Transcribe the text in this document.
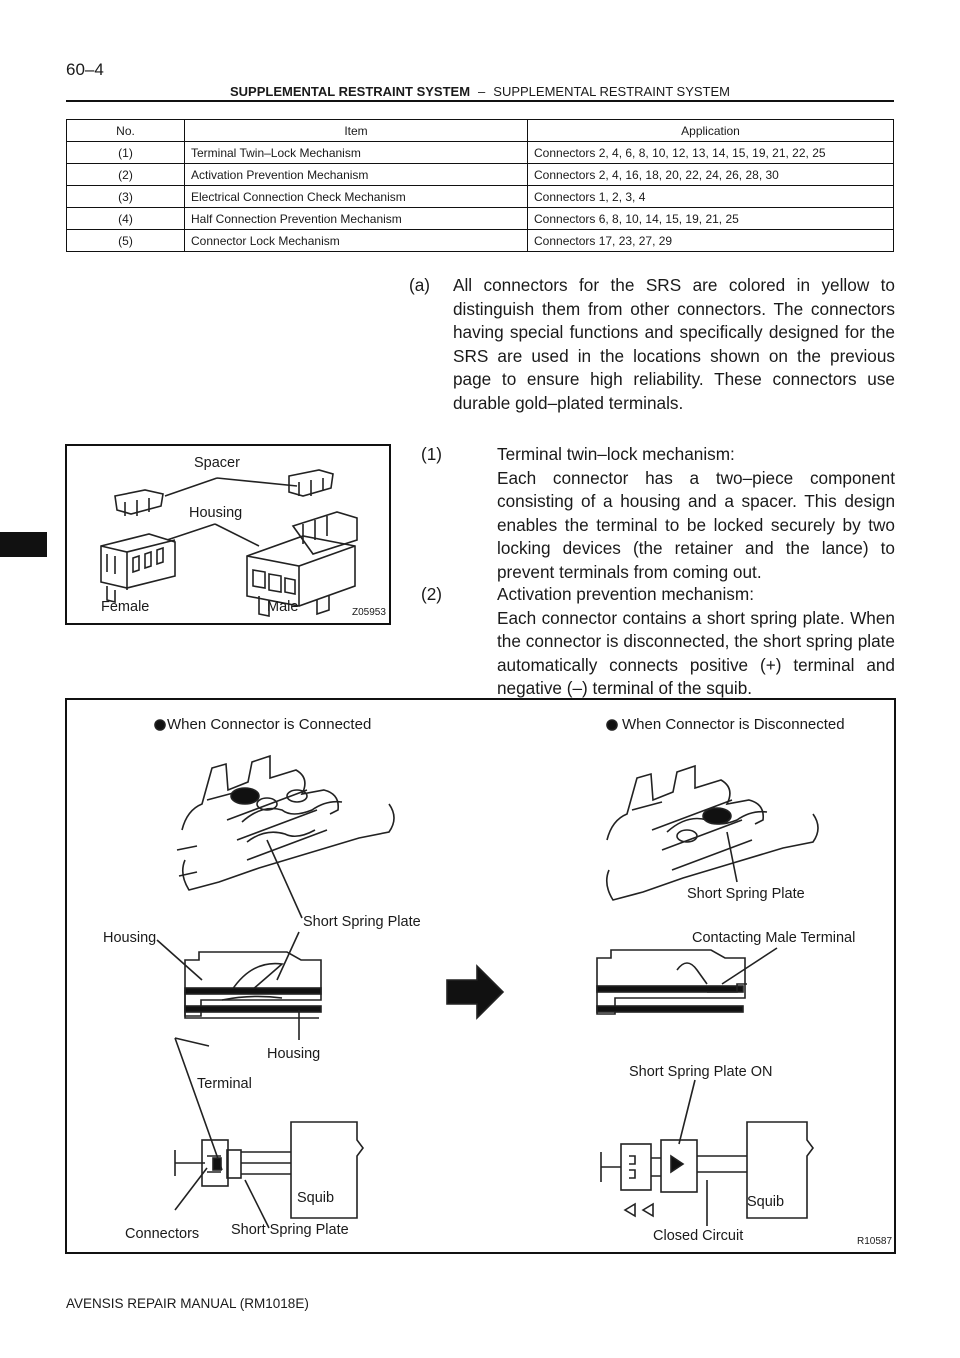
60–4
SUPPLEMENTAL RESTRAINT SYSTEM – SUPPLEMENTAL RESTRAINT SYSTEM
No.	Item	Application
(1)	Terminal Twin–Lock Mechanism	Connectors 2, 4, 6, 8, 10, 12, 13, 14, 15, 19, 21, 22, 25
(2)	Activation Prevention Mechanism	Connectors 2, 4, 16, 18, 20, 22, 24, 26, 28, 30
(3)	Electrical Connection Check Mechanism	Connectors 1, 2, 3, 4
(4)	Half Connection Prevention Mechanism	Connectors 6, 8, 10, 14, 15, 19, 21, 25
(5)	Connector Lock Mechanism	Connectors 17, 23, 27, 29
(a) All connectors for the SRS are colored in yellow to distinguish them from other connectors. The connectors having special functions and specifically designed for the SRS are used in the locations shown on the previous page to ensure high reliability. These connectors use durable gold–plated terminals.
(1)	Terminal twin–lock mechanism:
Each connector has a two–piece component consisting of a housing and a spacer. This design enables the terminal to be locked securely by two locking devices (the retainer and the lance) to prevent terminals from coming out.
(2)	Activation prevention mechanism:
Each connector contains a short spring plate. When the connector is disconnected, the short spring plate automatically connects positive (+) terminal and negative (–) terminal of the squib.
Spacer
Housing
Female	Male	Z05953
When Connector is Connected	When Connector is Disconnected
Short Spring Plate
Short Spring Plate
Housing	Contacting Male Terminal
Housing
Short Spring Plate ON
Terminal
Squib	Squib
Connectors Short Spring Plate	Closed Circuit	R10587
AVENSIS REPAIR MANUAL (RM1018E)
